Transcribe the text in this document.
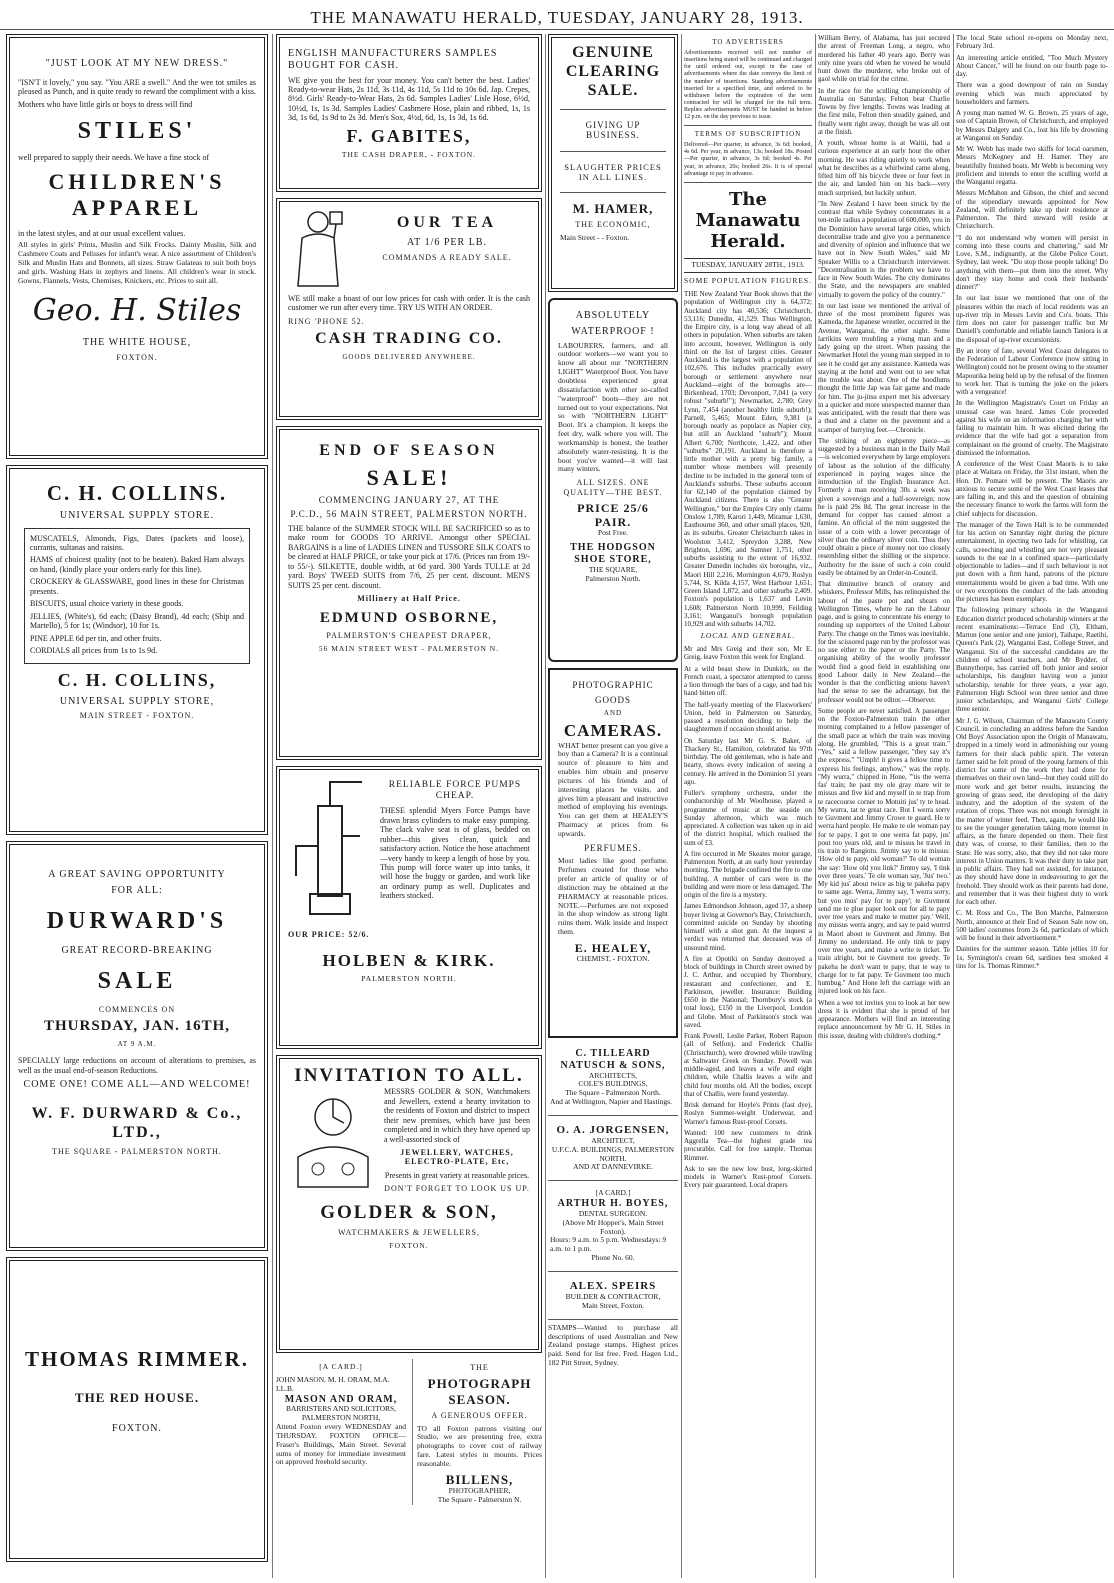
THE MANAWATU HERALD, TUESDAY, JANUARY 28, 1913.
"JUST LOOK AT MY NEW DRESS."

"ISN'T it lovely," you say. "You ARE a swell." And the wee tot smiles as pleased as Punch, and is quite ready to reward the compliment with a kiss.

Mothers who have little girls or boys to dress will find

STILES'

well prepared to supply their needs. We have a fine stock of

CHILDREN'S
APPAREL

in the latest styles, and at our usual excellent values.

All styles in girls' Prints, Muslin and Silk Frocks. Dainty Muslin, Silk and Cashmere Coats and Pelisses for infant's wear. A nice assortment of Children's Silk and Muslin Hats and Bonnets, all sizes. Straw Galateas to suit both boys and girls. Washing Hats in zephyrs and linens. All children's wear in stock. Gowns, Flannels, Vests, Chemises, Knickers, etc. Prices to suit all.

Geo. H. Stiles
THE WHITE HOUSE,
FOXTON.
C. H. COLLINS.
UNIVERSAL SUPPLY STORE.

MUSCATELS, Almonds, Figs, Dates (packets and loose), currants, sultanas and raisins.

HAMS of choicest quality (not to be beaten). Baked Ham always on hand, (kindly place your orders early for this line).

CROCKERY & GLASSWARE, good lines in these for Christmas presents.

BISCUITS, usual choice variety in these goods.

JELLIES, (White's), 6d each; (Daisy Brand), 4d each; (Ship and Martello), 5 for 1s; (Windsor), 10 for 1s.

PINE APPLE 6d per tin, and other fruits.

CORDIALS all prices from 1s to 1s 9d.

C. H. COLLINS,
UNIVERSAL SUPPLY STORE,
MAIN STREET - FOXTON.
A GREAT SAVING OPPORTUNITY
FOR ALL:
DURWARD'S
GREAT RECORD-BREAKING
SALE
COMMENCES ON
THURSDAY, JAN. 16TH,
AT 9 A.M.

SPECIALLY large reductions on account of alterations to premises, as well as the usual end-of-season Reductions.

COME ONE! COME ALL—AND WELCOME!
W. F. DURWARD & Co., LTD.,
THE SQUARE - PALMERSTON NORTH.
THOMAS RIMMER.
THE RED HOUSE.
FOXTON.
ENGLISH MANUFACTURERS SAMPLES BOUGHT FOR CASH.

WE give you the best for your money. You can't better the best. Ladies' Ready-to-wear Hats, 2s 11d, 3s 11d, 4s 11d, 5s 11d to 10s 6d. Jap. Crepes, 8½d. Girls' Ready-to-Wear Hats, 2s 6d. Samples Ladies' Lisle Hose, 6½d, 10½d, 1s, 1s 3d. Samples Ladies' Cashmere Hose, plain and ribbed, 1s, 1s 3d, 1s 6d, 1s 9d to 2s 3d. Men's Sox, 4½d, 6d, 1s, 1s 3d, 1s 6d.

F. GABITES,
THE CASH DRAPER, - FOXTON.
OUR TEA
AT 1/6 PER LB.
COMMANDS A READY SALE.

WE still make a boast of our low prices for cash with order. It is the cash customer we run after every time. TRY US WITH AN ORDER.

RING 'PHONE 52.
CASH TRADING CO.
GOODS DELIVERED ANYWHERE.
END OF SEASON
SALE!
COMMENCING JANUARY 27, AT THE
P.C.D., 56 MAIN STREET, PALMERSTON NORTH.

THE balance of the SUMMER STOCK WILL BE SACRIFICED so as to make room for GOODS TO ARRIVE. Amongst other SPECIAL BARGAINS is a line of LADIES LINEN and TUSSORE SILK COATS to be cleared at HALF PRICE, or take your pick at 17/6. (Prices ran from 19/- to 55/-). SILKETTE, double width, at 6d yard. 300 Yards TULLE at 2d yard. Boys' TWEED SUITS from 7/6, 25 per cent. discount. MEN'S SUITS 25 per cent. discount.

Millinery at Half Price.
EDMUND OSBORNE,
PALMERSTON'S CHEAPEST DRAPER,
56 MAIN STREET WEST - PALMERSTON N.
RELIABLE FORCE PUMPS CHEAP.

THESE splendid Myers Force Pumps have drawn brass cylinders to make easy pumping. The clack valve seat is of glass, bedded on rubber—this gives clean, quick and satisfactory action. Notice the hose attachment—very handy to keep a length of hose by you. This pump will force water up into tanks, it will hose the buggy or garden, and work like an ordinary pump as well. Duplicates and leathers stocked.

OUR PRICE: 52/6.
HOLBEN & KIRK.
PALMERSTON NORTH.
INVITATION TO ALL.

MESSRS GOLDER & SON, Watchmakers and Jewellers, extend a hearty invitation to the residents of Foxton and district to inspect their new premises, which have just been completed and in which they have opened up a well-assorted stock of

JEWELLERY, WATCHES, ELECTRO-PLATE, Etc,

Presents in great variety at reasonable prices.

DON'T FORGET TO LOOK US UP.
GOLDER & SON,
WATCHMAKERS & JEWELLERS,
FOXTON.
[A CARD.]
JOHN MASON. M. H. ORAM, M.A. LL.B.
MASON AND ORAM,
BARRISTERS AND SOLICITORS, PALMERSTON NORTH,

Attend Foxton every WEDNESDAY and THURSDAY. FOXTON OFFICE—Fraser's Buildings, Main Street. Several sums of money for immediate investment on approved freehold security.

THE
PHOTOGRAPH SEASON.
A GENEROUS OFFER.

TO all Foxton patrons visiting our Studio, we are presenting free, extra photographs to cover cost of railway fare. Latest styles in mounts. Prices reasonable.

BILLENS,
PHOTOGRAPHER,
The Square - Palmerston N.
GENUINE
CLEARING
SALE.
GIVING UP BUSINESS.
SLAUGHTER PRICES IN ALL LINES.
M. HAMER,
THE ECONOMIC,
Main Street - - Foxton.
ABSOLUTELY
WATERPROOF !

LABOURERS, farmers, and all outdoor workers—we want you to know all about our "NORTHERN LIGHT" Waterproof Boot. You have doubtless experienced great dissatisfaction with other so-called "waterproof" boots—they are not turned out to your expectations. Not so with "NORTHERN LIGHT" Boot. It's a champion. It keeps the feet dry, walk where you will. The workmanship is honest, the leather absolutely water-resisting. It is the boot you've wanted—it will last many winters.

ALL SIZES. ONE QUALITY—THE BEST.
PRICE 25/6 PAIR.
Post Free.
THE HODGSON SHOE STORE,
THE SQUARE,
Palmerston North.
PHOTOGRAPHIC
GOODS
AND
CAMERAS.

WHAT better present can you give a boy than a Camera? It is a continual source of pleasure to him and enables him obtain and preserve pictures of his friends and of interesting places he visits, and gives him a pleasant and instructive method of employing his evenings. You can get them at HEALEY'S Pharmacy at prices from 6s upwards.

PERFUMES.

Most ladies like good perfume. Perfumes created for those who prefer an article of quality or of distinction may be obtained at the PHARMACY at reasonable prices. NOTE.—Perfumes are not exposed in the shop window as strong light ruins them. Walk inside and inspect them.

E. HEALEY,
CHEMIST, - FOXTON.
C. TILLEARD NATUSCH & SONS,
ARCHITECTS,
COLE'S BUILDINGS,
The Square - Palmerston North.
And at Wellington, Napier and Hastings.
O. A. JORGENSEN,
ARCHITECT,
U.F.C.A. BUILDINGS, PALMERSTON NORTH.
AND AT DANNEVIRKE.
[A CARD.]
ARTHUR H. BOYES,
DENTAL SURGEON.
(Above Mr Hopper's, Main Street Foxton).
Hours: 9 a.m. to 5 p.m. Wednesdays: 9 a.m. to 1 p.m.
Phone No. 60.
ALEX. SPEIRS
BUILDER & CONTRACTOR,
Main Street, Foxton.

STAMPS—Wanted to purchase all descriptions of used Australian and New Zealand postage stamps. Highest prices paid. Send for list free. Fred. Hagen Ltd., 182 Pitt Street, Sydney.

TO ADVERTISERS

Advertisements received will not number of insertions being stated will be continued and charged for until ordered out, except in the case of advertisements where the date conveys the limit of the number of insertions. Standing advertisements inserted for a specified time, and ordered to be withdrawn before the expiration of the term contracted for will be charged for the full term. Replies advertisements MUST be handed in before 12 p.m. on the day previous to issue.

TERMS OF SUBSCRIPTION

Delivered—Per quarter, in advance, 3s 6d; booked, 4s 6d. Per year, in advance, 13s; booked 18s. Posted—Per quarter, in advance, 3s 6d; booked 4s. Per year, in advance, 20s; booked 26s. It is of special advantage to pay in advance.

The Manawatu Herald.
TUESDAY, JANUARY 28TH., 1913.
SOME POPULATION FIGURES.

THE New Zealand Year Book shows that the population of Wellington city is 64,372; Auckland city has 40,536; Christchurch, 53,116; Dunedin, 41,529. Thus Wellington, the Empire city, is a long way ahead of all others in population. When suburbs are taken into account, however, Wellington is only third on the list of largest cities. Greater Auckland is the largest with a population of 102,676. This includes practically every borough or settlement anywhere near Auckland—eight of the boroughs are—Birkenhead, 1703; Devonport, 7,041 (a very robust "suburb!"); Newmarket, 2,780; Grey Lynn, 7,454 (another healthy little suburb!); Parnell, 5,465; Mount Eden, 9,381 (a borough nearly as populace as Napier city, but still an Auckland "suburb"); Mount Albert 6,700; Northcote, 1,422, and other "suburbs" 20,191. Auckland is therefore a little mother with a pretty big family, a number whose members will presently decline to be included in the general term of Auckland's suburbs. These suburbs account for 62,140 of the population claimed by Auckland citizens. There is also "Greater Wellington," but the Empire City only claims Onslow 1,789, Karori 1,449, Miramar 1,630, Eastbourne 360, and other small places, 920, as its suburbs. Greater Christchurch takes in Woolston 3,412, Spreydon 3,288, New Brighton, 1,696, and Sumner 1,751, other suburbs assisting to the extent of 16,932. Greater Dunedin includes six boroughs, viz., Maori Hill 2,216, Mornington 4,679, Roslyn 5,744, St. Kilda 4,157, West Harbour 1,651, Green Island 1,872, and other suburbs 2,409. Foxton's population is 1,637 and Levin 1,608; Palmerston North 10,999, Feilding 3,161; Wanganui's borough population 10,929 and with suburbs 14,702.

LOCAL AND GENERAL.

Mr and Mrs Greig and their son, Mr E. Greig, leave Foxton this week for England.

At a wild beast show in Dunkirk, on the French coast, a spectator attempted to caress a lion through the bars of a cage, and had his hand bitten off.

The half-yearly meeting of the Flaxworkers' Union, held in Palmerston on Saturday, passed a resolution deciding to help the slaughtermen if occasion should arise.

On Saturday last Mr G. S. Baker, of Thackery St., Hamilton, celebrated his 97th birthday. The old gentleman, who is hale and hearty, shows every indication of seeing a century. He arrived in the Dominion 51 years ago.

Fuller's symphony orchestra, under the conductorship of Mr Woolhouse, played a programme of music at the seaside on Sunday afternoon, which was much appreciated. A collection was taken up in aid of the district hospital, which realised the sum of £3.

A fire occurred in Mr Skeates motor garage, Palmerston North, at an early hour yesterday morning. The brigade confined the fire to one building. A number of cars were in the building and were more or less damaged. The origin of the fire is a mystery.

James Edmondson Johnson, aged 37, a sheep buyer living at Governor's Bay, Christchurch, committed suicide on Sunday by shooting himself with a shot gun. At the inquest a verdict was returned that deceased was of unsound mind.

A fire at Opotiki on Sunday destroyed a block of buildings in Church street owned by J. C. Arthur, and occupied by Thornbury, restaurant and confectioner, and E. Parkinson, jeweller. Insurance: Building £650 in the National; Thornbury's stock (a total loss), £150 in the Liverpool, London and Globe. Most of Parkinson's stock was saved.

Frank Powell, Leslie Parker, Robert Rapson (all of Selfon), and Frederick Challis (Christchurch), were drowned while trawling at Saltwater Creek on Sunday. Powell was middle-aged, and leaves a wife and eight children, while Challis leaves a wife and child four months old. All the bodies, except that of Challis, were found yesterday.

Brisk demand for Hoyle's Prints (fast dye), Roslyn Summer-weight Underwear, and Warner's famous Rust-proof Corsets.

Wanted: 100 new customers to drink Aggrella Tea—the highest grade tea procurable. Call for free sample. Thomas Rimmer.

Ask to see the new low bust, long-skirted models in Warner's Rust-proof Corsets. Every pair guaranteed. Local drapers

William Berry, of Alabama, has just secured the arrest of Freeman Long, a negro, who murdered his father 40 years ago. Berry was only nine years old when he vowed he would hunt down the murderer, who broke out of gaol while on trial for the crime.

In the race for the sculling championship of Australia on Saturday, Felton beat Charlie Towns by five lengths. Towns was leading at the first mile, Felton then steadily gained, and finally went right away, though he was all out at the finish.

A youth, whose home is at Waitii, had a curious experience at an early hour the other morning. He was riding quietly to work when what he describes as a whirlwind came along, lifted him off his bicycle three or four feet in the air, and landed him on his back—very much surprised, but luckily unhurt.

"In New Zealand I have been struck by the contrast that while Sydney concentrates in a ten-mile radius a population of 600,000, you in the Dominion have several large cities, which decentralise trade and give you a permanence and diversity of opinion and influence that we have not in New South Wales," said Mr Speaker Willis to a Christchurch interviewer. "Decentralisation is the problem we have to face in New South Wales. The city dominates the State, and the newspapers are enabled virtually to govern the policy of the country."

In our last issue we mentioned the arrival of three of the most prominent figures was Kameda, the Japanese wrestler, occurred in the Avenue, Wanganui, the other night. Some larrikins were troubling a young man and a lady going up the street. When passing the Newmarket Hotel the young man stepped in to see it he could get any assistance. Kameda was staying at the hotel and went out to see what the trouble was about. One of the hoodlums thought the little Jap was fair game and made for him. The ju-jitsu expert met his adversary in a quicker and more unexpected manner than was anticipated, with the result that there was a thud and a clatter on the pavement and a scamper of hurrying feet.—Chronicle.

The striking of an eighpenny piece—as suggested by a business man in the Daily Mail—is welcomed everywhere by large employers of labour as the solution of the difficulty experienced in paying wages since the introduction of the English Insurance Act. Formerly a man receiving 30s a week was given a sovereign and a half-sovereign; now he is paid 29s 8d. The great increase in the demand for copper has caused almost a famine. An official of the mint suggested the issue of a coin with a lower percentage of silver than the ordinary silver coin. Thus they could obtain a piece of money not too closely resembling either the shilling or the sixpence. Authority for the issue of such a coin could easily be obtained by an Order-in-Council.

That diminutive branch of oratory and whiskers, Professor Mills, has relinquished the labour of the paste pot and shears on Wellington Times, where he ran the Labour page, and is going to concentrate his energy to rounding up supporters of the United Labour Party. The change on the Times was inevitable, for the scissored page run by the professor was no use either to the paper or the Party. The organising ability of the woolly professor would find a good field in establishing one good Labour daily in New Zealand—the wonder is that the conflicting unions haven't had the sense to see the advantage, but the professor would not be editor.—Observer.

Some people are never satisfied. A passenger on the Foxton-Palmerston train the other morning complained to a fellow passenger of the small pace at which the train was moving along. He grumbled, "This is a great train." "Yes," said a fellow passenger, "they say it's the express." "Umph! it gives a fellow time to express his feelings, anyhow," was the reply. "My wurra," chipped in Hone, "'tis the werra fas' train; he past my ole gray mare wit te missus and five kid and myself in te trap from te racecourse corner to Motuiti jus' ty te head. My wurra, tat te great race. But I werra sorry te Guvment and Jimmy Crowe te guard. He te werra hard people. He make te ole woman pay for te papy. I got te one werra fat papy, jus' pout too years old, and te missus he travel in tis train to Rangiotu. Jimmy say to te missus: 'How old te papy, old woman?' Te old woman she say: 'How old you link?' Jimmy say, 'I tink over three years.' Te ole woman say, 'Jus' two.' My kid jus' about twice as big te pakeha papy te same age. Werra, Jimmy say, 'I werra sorry, but you mus' pay for te papy'; te Guvment send me te plue paper look out for all te papy over tree years and make te mutter pay.' Well, my missus werra angry, and say te paid wurrrd in Maori about te Guvment and Jimmy. But Jimmy no understand. He only tink te papy over tree years, and make a write te ticket. Te train alright, but te Guvment too greedy. Te pakeha he don't want te papy, that te way te charge for te fat papy. Te Guvment too much humbug." And Hone left the carriage with an injured look on his face.

When a wee tot invites you to look at her new dress it is evident that she is proud of her appearance. Mothers will find an interesting replace announcement by Mr G. H. Stiles in this issue, dealing with children's clothing.*

The local State school re-opens on Monday next, February 3rd.

An interesting article entitled, "Too Much Mystery About Cancer," will be found on our fourth page to-day.

There was a good downpour of rain on Sunday evening which was much appreciated by householders and farmers.

A young man named W. G. Brown, 25 years of age, son of Captain Brown, of Christchurch, and employed by Messrs Dalgety and Co., lost his life by drowning at Wanganui on Sunday.

Mr W. Webb has made two skiffs for local oarsmen, Messrs McKegney and H. Hamer. They are beautifully finished boats. Mr Webb is becoming very proficient and intends to enter the sculling world at the Wanganui regatta.

Messrs McMahon and Gibson, the chief and second of the stipendiary stewards appointed for New Zealand, will definitely take up their residence at Palmerston. The third steward will reside at Christchurch.

"I do not understand why women will persist in coming into these courts and chattering," said Mr Love, S.M., indignantly, at the Glebe Police Court, Sydney, last week. "Do stop those people talking! Do anything with them—put them into the street. Why don't they stay home and cook their husbands' dinner?"

In our last issue we mentioned that one of the pleasures within the reach of local residents was an up-river trip in Messrs Levin and Co's. boats. This firm does not cater for passenger traffic but Mr Daniell's comfortable and reliable launch Taniora is at the disposal of up-river excursionists.

By an irony of fate, several West Coast delegates to the Federation of Labour Conference (now sitting in Wellington) could not be present owing to the steamer Mapourika being held up by the refusal of the firemen to work her. That is turning the joke on the jokers with a vengeance!

In the Wellington Magistrate's Court on Friday an unusual case was heard. James Cole proceeded against his wife on an information charging her with failing to maintain him. It was elicited during the evidence that the wife had got a separation from complainant on the ground of cruelty. The Magistrate dismissed the information.

A conference of the West Coast Maoris is to take place at Waitara on Friday, the 31st instant, when the Hon. Dr. Pomare will be present. The Maoris are anxious to secure some of the West Coast leases that are falling in, and this and the question of obtaining the necessary finance to work the farms will form the chief subjects for discussion.

The manager of the Town Hall is to be commended for his action on Saturday night during the picture entertainment, in ejecting two lads for whistling, cat calls, screeching and whistling are not very pleasant sounds to the ear in a confined space—particularly objectionable to ladies—and if such behaviour is not put down with a firm hand, patrons of the picture entertainments would be given a bad time. With one or two exceptions the conduct of the lads attending the pictures has been exemplary.

The following primary schools in the Wanganui Education district produced scholarship winners at the recent examinations:—Terrace End (3), Eltham, Marton (one senior and one junior), Taihape, Raetihi, Queen's Park (2), Wanganui East, College Street, and Wanganui. Six of the successful candidates are the children of school teachers, and Mr Bydder, of Bunnythorpe, has carried off both junior and senior scholarships, his daughter having won a junior scholarship, tenable for three years, a year ago. Palmerston High School won three senior and three junior scholarships, and Wanganui Girls' College three senior.

Mr J. G. Wilson, Chairman of the Manawatu County Council, in concluding an address before the Sandon Old Boys' Association upon the Origin of Manawatu, dropped in a timely word in admonishing our young farmers for their slack public spirit. The veteran farmer said he felt proud of the young farmers of this district for some of the work they had done for themselves on their own land—but they could still do more work and get better results, instancing the growing of grass seed, the developing of the dairy industry, and the adoption of the system of the rotation of crops. There was not enough foresight in the matter of winter feed. Then, again, he would like to see the younger generation taking more interest in affairs, as the future depended on them. Their first duty was, of course, to their families, then to the State. He was sorry, also, that they did not take more interest in Union matters. It was their duty to take part in public affairs. They had not assisted, for instance, as they should have done in endeavouring to get the freehold. They should work as their parents had done, and remember that it was their highest duty to work for each other.

C. M. Ross and Co., The Bon Marche, Palmerston North, announce at their End of Season Sale now on, 500 ladies' costumes from 2s 6d, particulars of which will be found in their advertisement.*

Dainties for the summer season. Table jellies 10 for 1s, Symington's cream 6d, sardines best smoked 4 tins for 1s. Thomas Rimmer.*
